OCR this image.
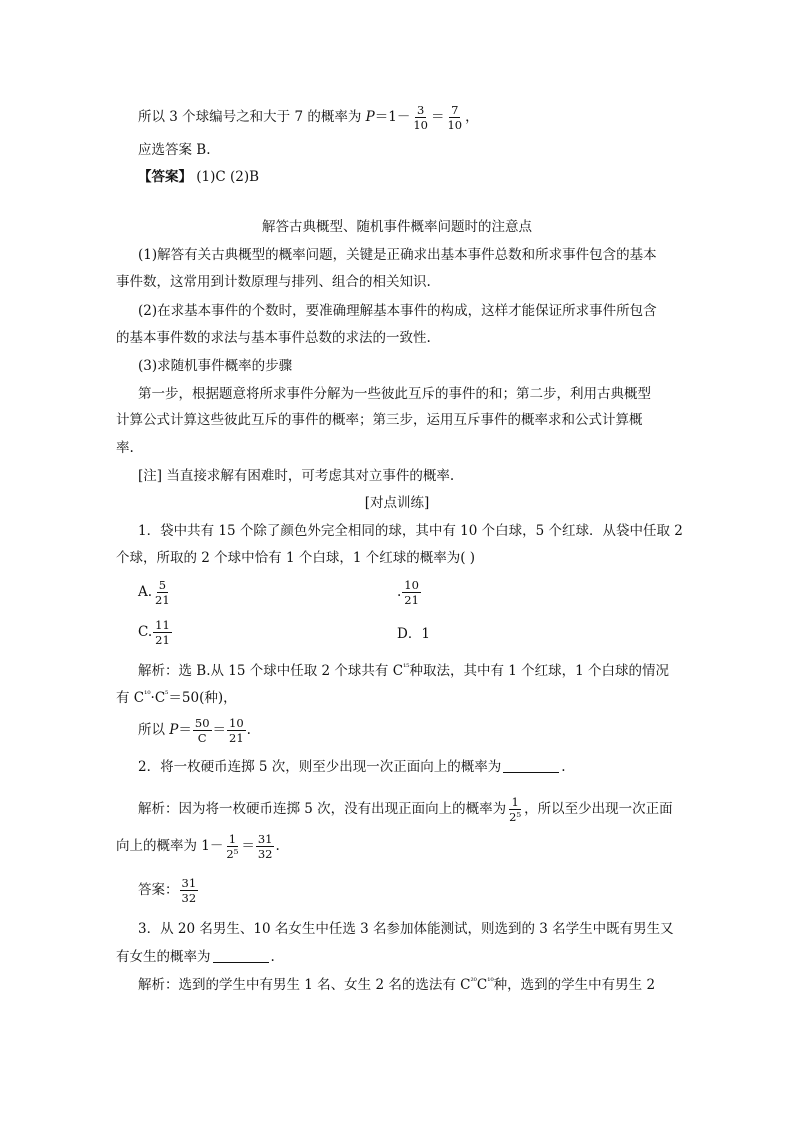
所以 3 个球编号之和大于 7 的概率为 $P=1- \frac{3}{10} = \frac{7}{10}$ ，
应选答案 B.
【答案】 (1)C (2)B
解答古典概型、随机事件概率问题时的注意点
(1)解答有关古典概型的概率问题，关键是正确求出基本事件总数和所求事件包含的基本
事件数，这常用到计数原理与排列、组合的相关知识.
(2)在求基本事件的个数时，要准确理解基本事件的构成，这样才能保证所求事件所包含
的基本事件数的求法与基本事件总数的求法的一致性.
(3)求随机事件概率的步骤
第一步，根据题意将所求事件分解为一些彼此互斥的事件的和；第二步，利用古典概型
计算公式计算这些彼此互斥的事件的概率；第三步，运用互斥事件的概率求和公式计算概
率.
[注] 当直接求解有困难时，可考虑其对立事件的概率.
[对点训练]
1．袋中共有 15 个除了颜色外完全相同的球，其中有 10 个白球，5 个红球．从袋中任取 2
个球，所取的 2 个球中恰有 1 个白球，1 个红球的概率为( )
A. $\frac{5}{21}$	. $\frac{10}{21}$
C. $\frac{11}{21}$	D．1
解析：选 B.从 15 个球中任取 2 个球共有 $C^{^{15}}$种取法，其中有 1 个红球，1 个白球的情况
有 $C^{^{10}}\cdot C^{^5}=50$(种)，
所以 $P= \frac{50}{C} = \frac{10}{21}$ .
2．将一枚硬币连掷 5 次，则至少出现一次正面向上的概率为	.
解析：因为将一枚硬币连掷 5 次，没有出现正面向上的概率为 $\frac{1}{\text{2⁵}}$ ，所以至少出现一次正面
向上的概率为 $1- \frac{1}{\text{2⁵}} = \frac{31}{32}$ .
答案： $\frac{31}{32}$
3．从 20 名男生、10 名女生中任选 3 名参加体能测试，则选到的 3 名学生中既有男生又
有女生的概率为	.
解析：选到的学生中有男生 1 名、女生 2 名的选法有 $C^{^{20}}C^{^{10}}$种，选到的学生中有男生 2
